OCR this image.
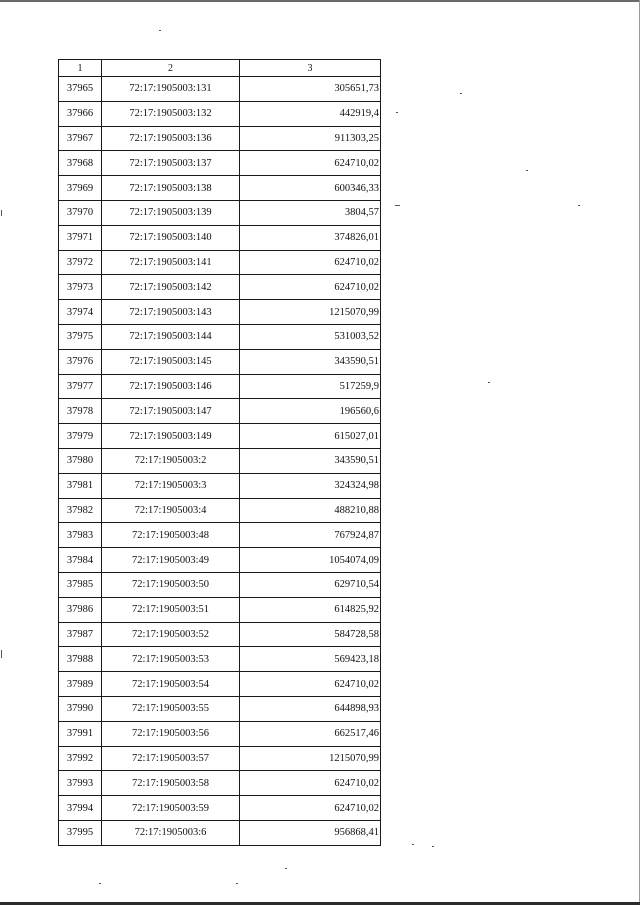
1	2	3
37965	72:17:1905003:131	305651,73
37966	72:17:1905003:132	442919,4
37967	72:17:1905003:136	911303,25
37968	72:17:1905003:137	624710,02
37969	72:17:1905003:138	600346,33
37970	72:17:1905003:139	3804,57
37971	72:17:1905003:140	374826,01
37972	72:17:1905003:141	624710,02
37973	72:17:1905003:142	624710,02
37974	72:17:1905003:143	1215070,99
37975	72:17:1905003:144	531003,52
37976	72:17:1905003:145	343590,51
37977	72:17:1905003:146	517259,9
37978	72:17:1905003:147	196560,6
37979	72:17:1905003:149	615027,01
37980	72:17:1905003:2	343590,51
37981	72:17:1905003:3	324324,98
37982	72:17:1905003:4	488210,88
37983	72:17:1905003:48	767924,87
37984	72:17:1905003:49	1054074,09
37985	72:17:1905003:50	629710,54
37986	72:17:1905003:51	614825,92
37987	72:17:1905003:52	584728,58
37988	72:17:1905003:53	569423,18
37989	72:17:1905003:54	624710,02
37990	72:17:1905003:55	644898,93
37991	72:17:1905003:56	662517,46
37992	72:17:1905003:57	1215070,99
37993	72:17:1905003:58	624710,02
37994	72:17:1905003:59	624710,02
37995	72:17:1905003:6	956868,41
